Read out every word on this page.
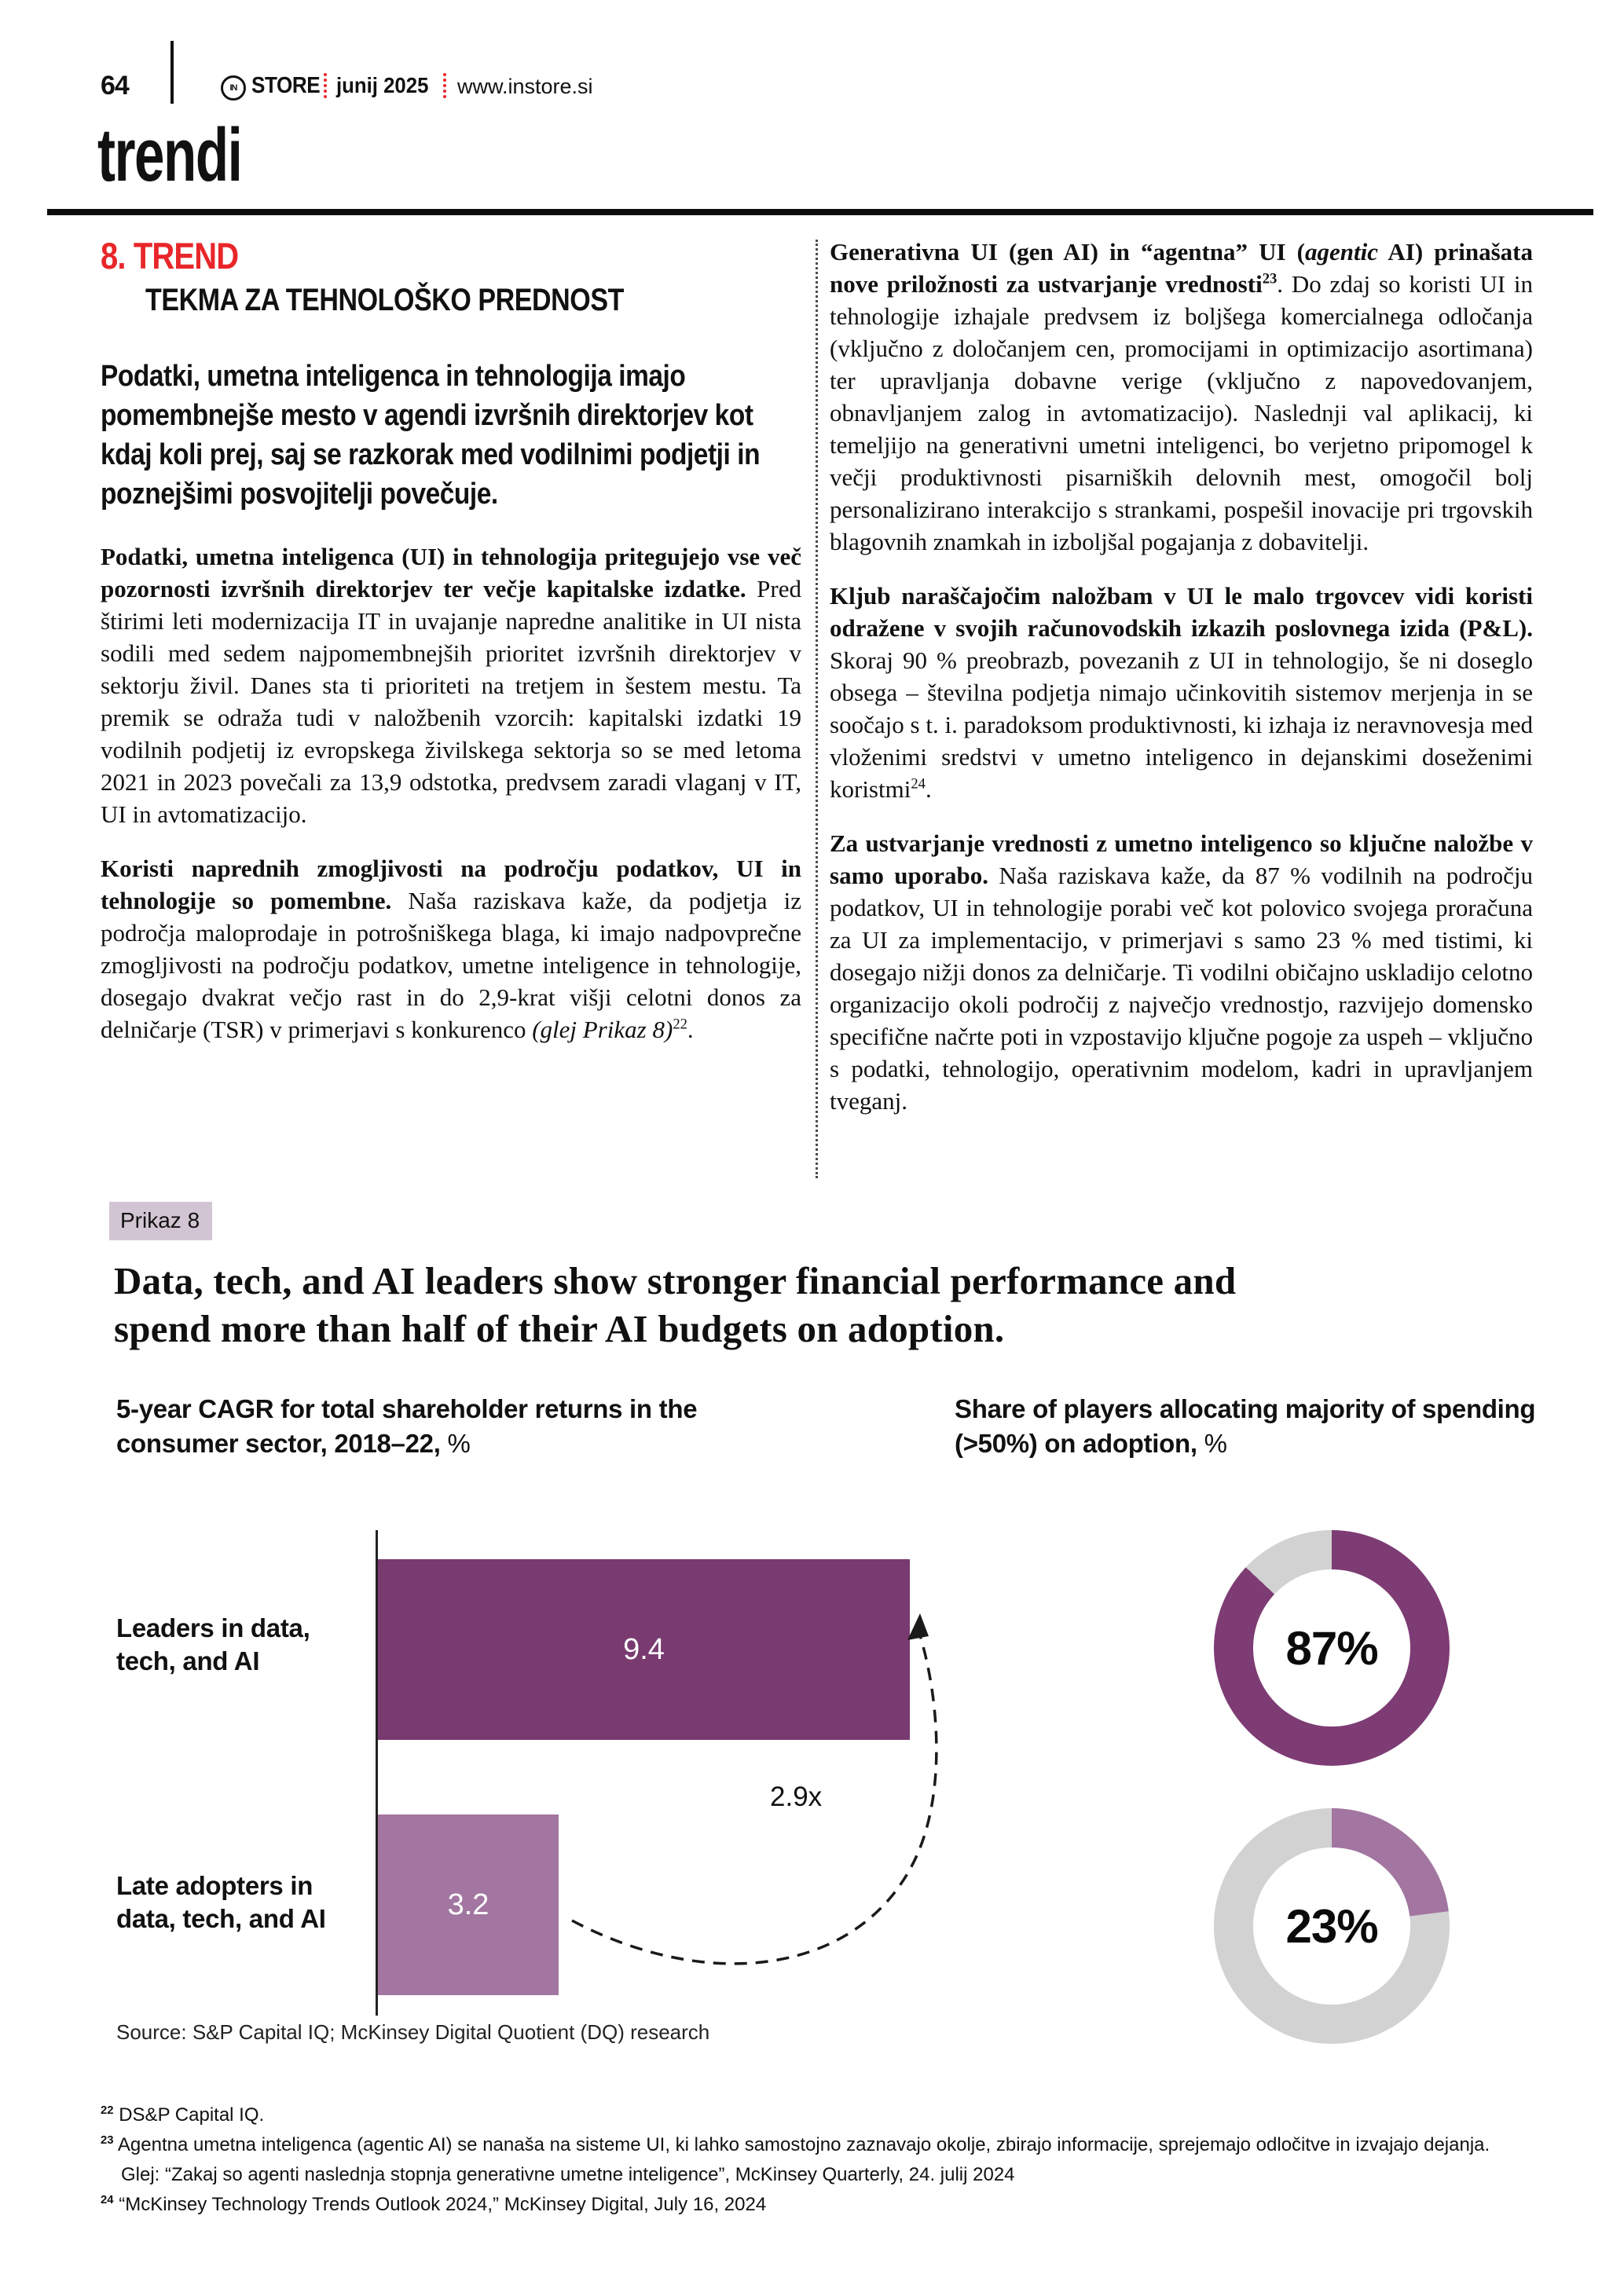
64	IN STORE junij 2025 www.instore.si
trendi
8. TREND
TEKMA ZA TEHNOLOŠKO PREDNOST
Podatki, umetna inteligenca in tehnologija imajo pomembnejše mesto v agendi izvršnih direktorjev kot kdaj koli prej, saj se razkorak med vodilnimi podjetji in poznejšimi posvojitelji povečuje.

Podatki, umetna inteligenca (UI) in tehnologija pritegujejo vse več pozornosti izvršnih direktorjev ter večje kapitalske izdatke. Pred štirimi leti modernizacija IT in uvajanje napredne analitike in UI nista sodili med sedem najpomembnejših prioritet izvršnih direktorjev v sektorju živil. Danes sta ti prioriteti na tretjem in šestem mestu. Ta premik se odraža tudi v naložbenih vzorcih: kapitalski izdatki 19 vodilnih podjetij iz evropskega živilskega sektorja so se med letoma 2021 in 2023 povečali za 13,9 odstotka, predvsem zaradi vlaganj v IT, UI in avtomatizacijo.

Koristi naprednih zmogljivosti na področju podatkov, UI in tehnologije so pomembne. Naša raziskava kaže, da podjetja iz področja maloprodaje in potrošniškega blaga, ki imajo nadpovprečne zmogljivosti na področju podatkov, umetne inteligence in tehnologije, dosegajo dvakrat večjo rast in do 2,9-krat višji celotni donos za delničarje (TSR) v primerjavi s konkurenco (glej Prikaz 8)$^{22}$.

Generativna UI (gen AI) in “agentna” UI (agentic AI) prinašata nove priložnosti za ustvarjanje vrednosti$^{23}$. Do zdaj so koristi UI in tehnologije izhajale predvsem iz boljšega komercialnega odločanja (vključno z določanjem cen, promocijami in optimizacijo asortimana) ter upravljanja dobavne verige (vključno z napovedovanjem, obnavljanjem zalog in avtomatizacijo). Naslednji val aplikacij, ki temeljijo na generativni umetni inteligenci, bo verjetno pripomogel k večji produktivnosti pisarniških delovnih mest, omogočil bolj personalizirano interakcijo s strankami, pospešil inovacije pri trgovskih blagovnih znamkah in izboljšal pogajanja z dobavitelji.

Kljub naraščajočim naložbam v UI le malo trgovcev vidi koristi odražene v svojih računovodskih izkazih poslovnega izida (P&L). Skoraj 90 % preobrazb, povezanih z UI in tehnologijo, še ni doseglo obsega – številna podjetja nimajo učinkovitih sistemov merjenja in se soočajo s t. i. paradoksom produktivnosti, ki izhaja iz neravnovesja med vloženimi sredstvi v umetno inteligenco in dejanskimi doseženimi koristmi$^{24}$.

Za ustvarjanje vrednosti z umetno inteligenco so ključne naložbe v samo uporabo. Naša raziskava kaže, da 87 % vodilnih na področju podatkov, UI in tehnologije porabi več kot polovico svojega proračuna za UI za implementacijo, v primerjavi s samo 23 % med tistimi, ki dosegajo nižji donos za delničarje. Ti vodilni običajno uskladijo celotno organizacijo okoli področij z največjo vrednostjo, razvijejo domensko specifične načrte poti in vzpostavijo ključne pogoje za uspeh – vključno s podatki, tehnologijo, operativnim modelom, kadri in upravljanjem tveganj.

Prikaz 8
Data, tech, and AI leaders show stronger financial performance and spend more than half of their AI budgets on adoption.
5-year CAGR for total shareholder returns in the consumer sector, 2018–22, %
Share of players allocating majority of spending (>50%) on adoption, %
Leaders in data, tech, and AI
Late adopters in data, tech, and AI
9.4
3.2
2.9x
87%
23%
Source: S&P Capital IQ; McKinsey Digital Quotient (DQ) research
$^{22}$ DS&P Capital IQ.
$^{23}$ Agentna umetna inteligenca (agentic AI) se nanaša na sisteme UI, ki lahko samostojno zaznavajo okolje, zbirajo informacije, sprejemajo odločitve in izvajajo dejanja. Glej: “Zakaj so agenti naslednja stopnja generativne umetne inteligence”, McKinsey Quarterly, 24. julij 2024
$^{24}$ “McKinsey Technology Trends Outlook 2024,” McKinsey Digital, July 16, 2024
